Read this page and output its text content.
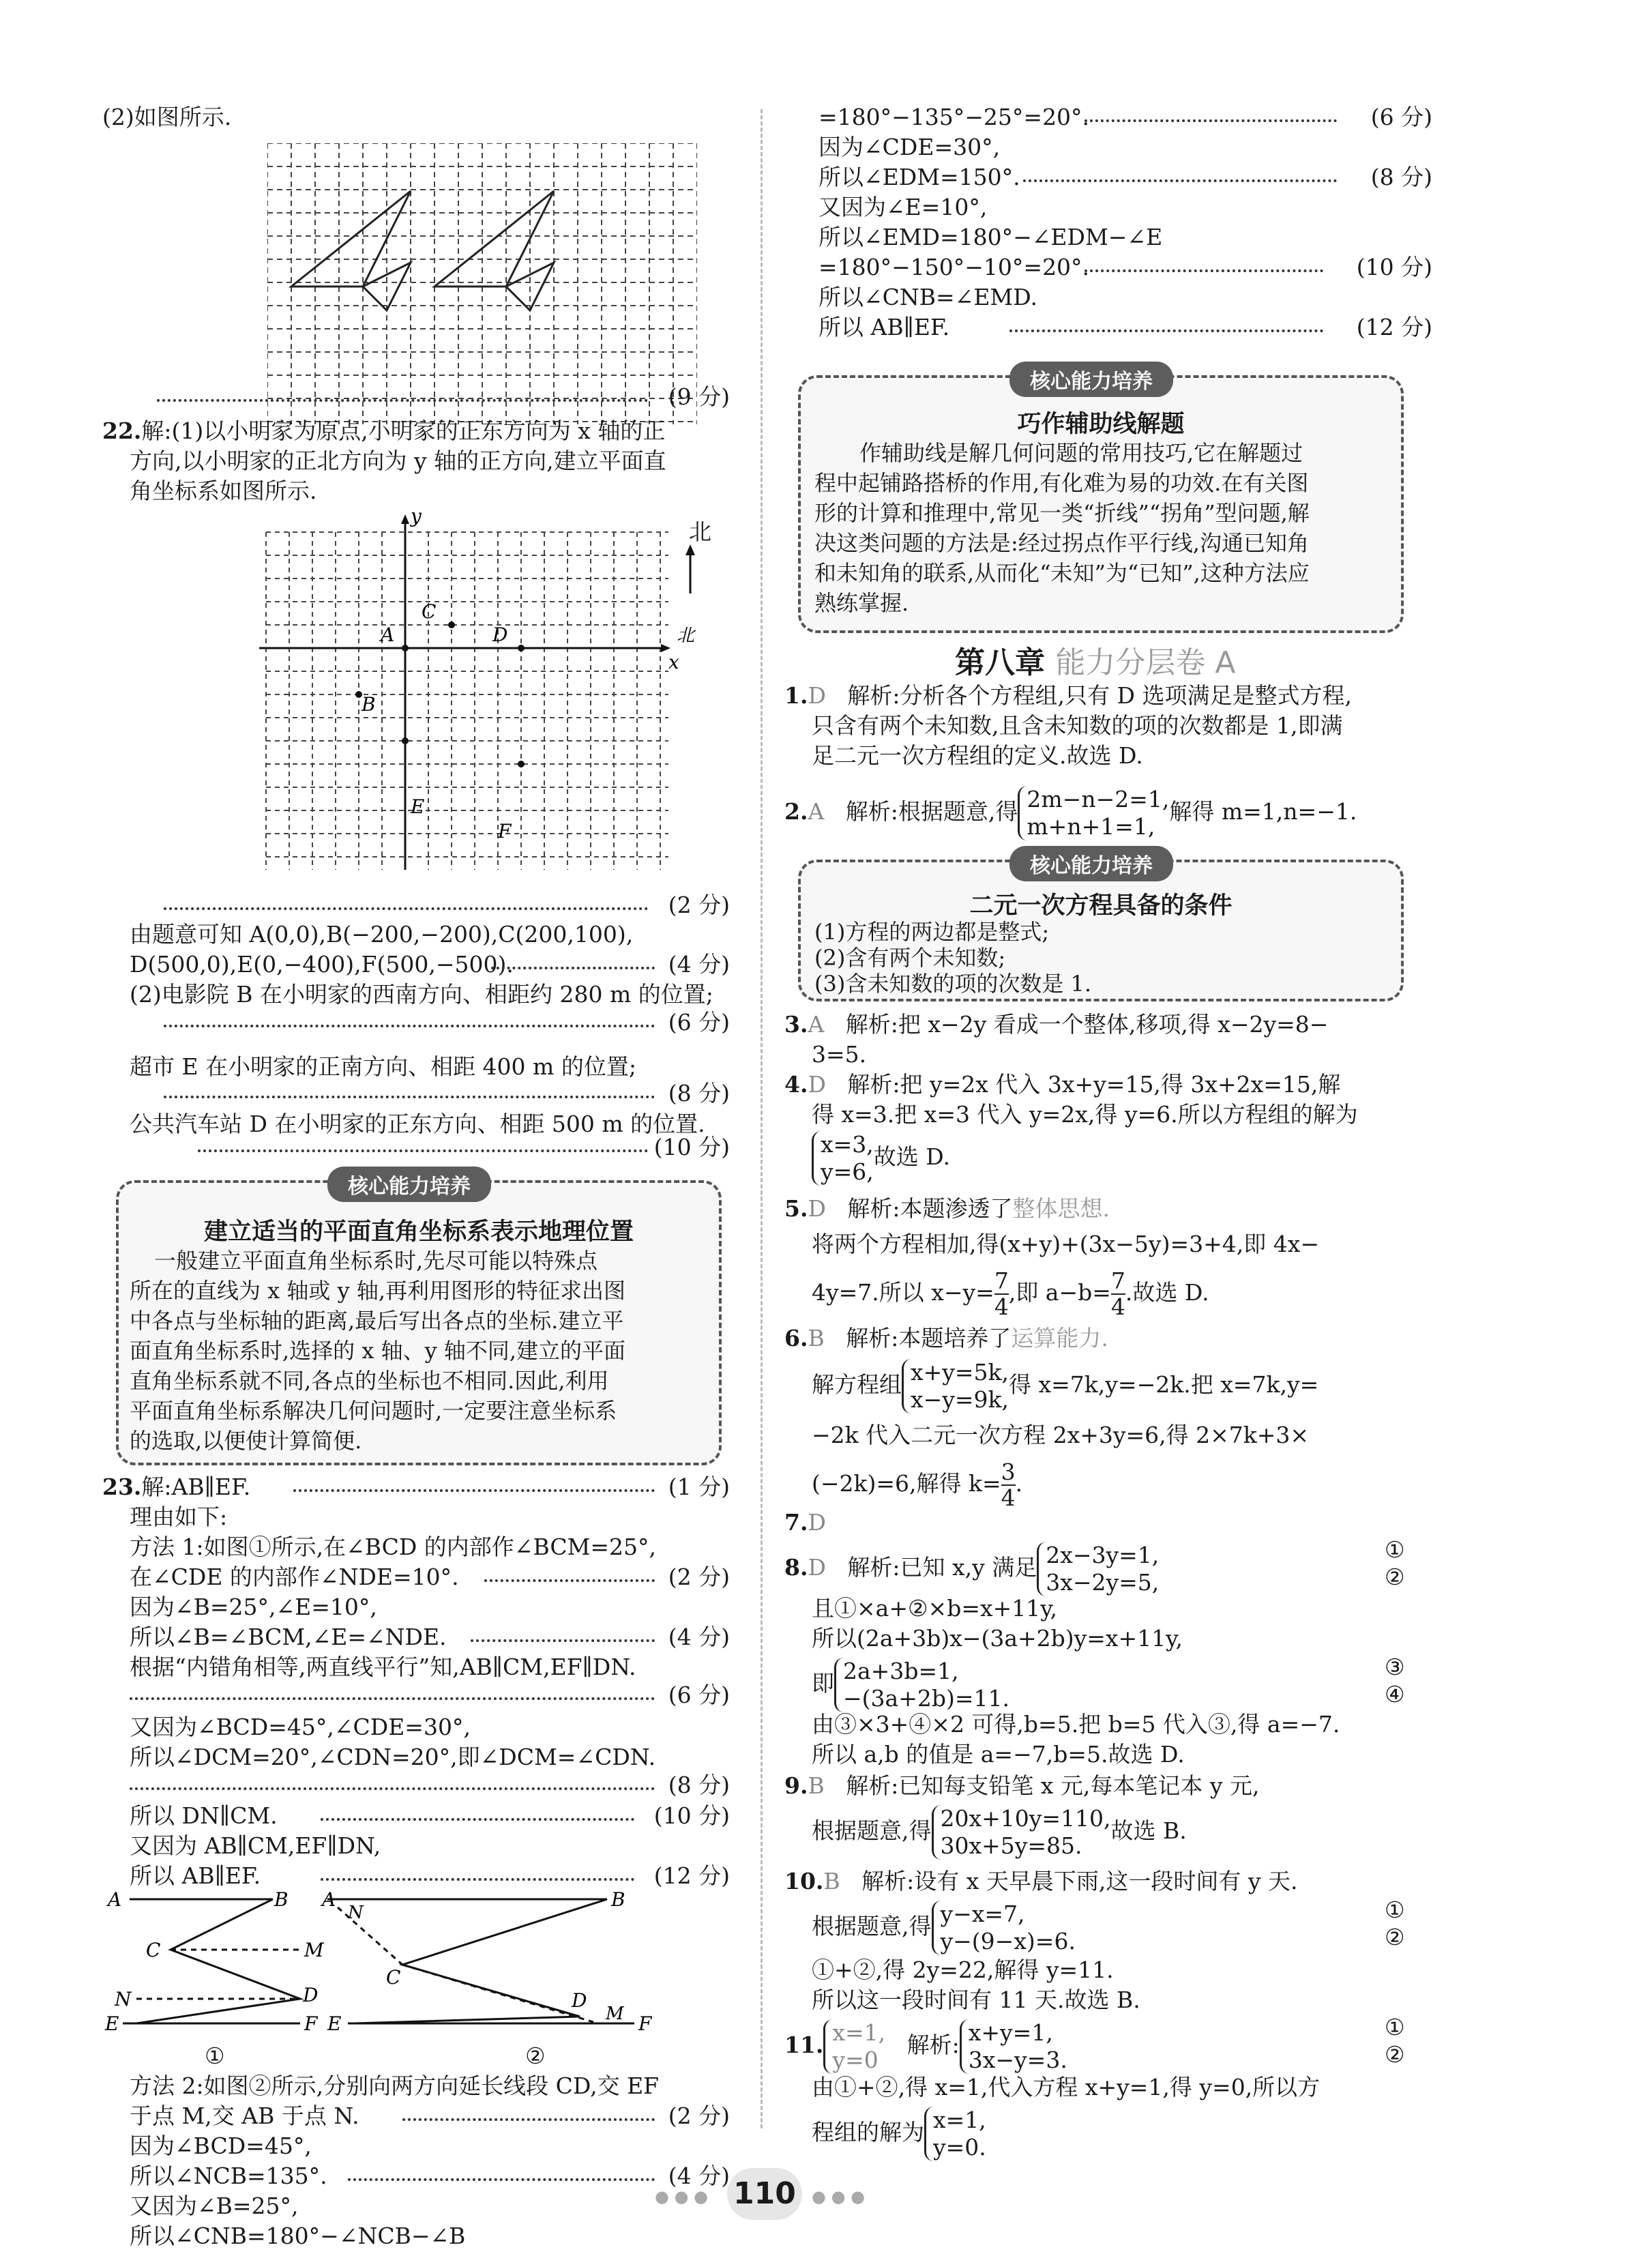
(2)如图所示.
(9 分)
22.解:(1)以小明家为原点,小明家的正东方向为 x 轴的正
方向,以小明家的正北方向为 y 轴的正方向,建立平面直
角坐标系如图所示.
y
x
A
C
D
B
E
F
北
北
(2 分)
由题意可知 A(0,0),B(−200,−200),C(200,100),
D(500,0),E(0,−400),F(500,−500).	(4 分)
(2)电影院 B 在小明家的西南方向、相距约 280 m 的位置;
(6 分)
超市 E 在小明家的正南方向、相距 400 m 的位置;
(8 分)
公共汽车站 D 在小明家的正东方向、相距 500 m 的位置.
(10 分)
建立适当的平面直角坐标系表示地理位置
一般建立平面直角坐标系时,先尽可能以特殊点
所在的直线为 x 轴或 y 轴,再利用图形的特征求出图
中各点与坐标轴的距离,最后写出各点的坐标.建立平
面直角坐标系时,选择的 x 轴、y 轴不同,建立的平面
直角坐标系就不同,各点的坐标也不相同.因此,利用
平面直角坐标系解决几何问题时,一定要注意坐标系
的选取,以便使计算简便.
核心能力培养
23.解:AB∥EF.	(1 分)
理由如下:
方法 1:如图①所示,在∠BCD 的内部作∠BCM=25°,
在∠CDE 的内部作∠NDE=10°.	(2 分)
因为∠B=25°,∠E=10°,
所以∠B=∠BCM,∠E=∠NDE.	(4 分)
根据“内错角相等,两直线平行”知,AB∥CM,EF∥DN.
(6 分)
又因为∠BCD=45°,∠CDE=30°,
所以∠DCM=20°,∠CDN=20°,即∠DCM=∠CDN.
(8 分)
所以 DN∥CM.	(10 分)
又因为 AB∥CM,EF∥DN,
所以 AB∥EF.	(12 分)
A	B
C	M
N	D
E	F
A
N
B
C
D
E	M F
①	②
方法 2:如图②所示,分别向两方向延长线段 CD,交 EF
于点 M,交 AB 于点 N.	(2 分)
因为∠BCD=45°,
所以∠NCB=135°.	(4 分)
又因为∠B=25°,
所以∠CNB=180°−∠NCB−∠B
=180°−135°−25°=20°.	(6 分)
因为∠CDE=30°,
所以∠EDM=150°.	(8 分)
又因为∠E=10°,
所以∠EMD=180°−∠EDM−∠E
=180°−150°−10°=20°.	(10 分)
所以∠CNB=∠EMD.
所以 AB∥EF.	(12 分)
巧作辅助线解题
作辅助线是解几何问题的常用技巧,它在解题过
程中起铺路搭桥的作用,有化难为易的功效.在有关图
形的计算和推理中,常见一类“折线”“拐角”型问题,解
决这类问题的方法是:经过拐点作平行线,沟通已知角
和未知角的联系,从而化“未知”为“已知”,这种方法应
熟练掌握.
核心能力培养
第八章 能力分层卷 A
1.D 解析:分析各个方程组,只有 D 选项满足是整式方程,
只含有两个未知数,且含未知数的项的次数都是 1,即满
足二元一次方程组的定义.故选 D.
2.A 解析:根据题意,得 2m−n−2=1,
m+n+1=1,
解得 m=1,n=−1.
二元一次方程具备的条件
(1)方程的两边都是整式;
(2)含有两个未知数;
(3)含未知数的项的次数是 1.
核心能力培养
3.A 解析:把 x−2y 看成一个整体,移项,得 x−2y=8−
3=5.
4.D 解析:把 y=2x 代入 3x+y=15,得 3x+2x=15,解
得 x=3.把 x=3 代入 y=2x,得 y=6.所以方程组的解为
x=3,
y=6,
故选 D.
5.D 解析:本题渗透了整体思想.
将两个方程相加,得(x+y)+(3x−5y)=3+4,即 4x−
4y=7.所以 $x-y= \frac{7}{4}$ ,即 $a-b= \frac{7}{4}$ .故选 D.
6.B 解析:本题培养了运算能力.
解方程组 x+y=5k,
x−y=9k,
得 x=7k,y=−2k.把 x=7k,y=
−2k 代入二元一次方程 2x+3y=6,得 2×7k+3×
(−2k)=6,解得 $k= \frac{3}{4}$ .
7.D
8.D 解析:已知 x,y 满足 2x−3y=1,
3x−2y=5,
①
②
且①×a+②×b=x+11y,
所以(2a+3b)x−(3a+2b)y=x+11y,
即 2a+3b=1,
−(3a+2b)=11.
③
④
由③×3+④×2 可得,b=5.把 b=5 代入③,得 a=−7.
所以 a,b 的值是 a=−7,b=5.故选 D.
9.B 解析:已知每支铅笔 x 元,每本笔记本 y 元,
根据题意,得 20x+10y=110,
30x+5y=85.
故选 B.
10.B 解析:设有 x 天早晨下雨,这一段时间有 y 天.
根据题意,得 y−x=7,
y−(9−x)=6.
①
②
①+②,得 2y=22,解得 y=11.
所以这一段时间有 11 天.故选 B.
11. x=1,
y=0
解析: x+y=1,
3x−y=3.
①
②
由①+②,得 x=1,代入方程 x+y=1,得 y=0,所以方
程组的解为 x=1,
y=0.
● ● ● 110 ● ● ●
